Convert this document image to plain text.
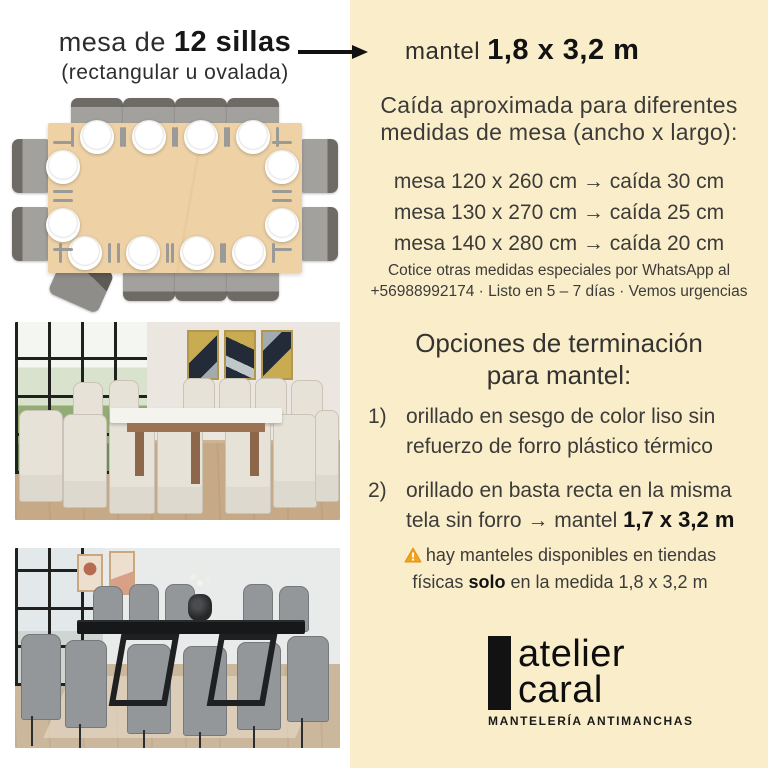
mesa de 12 sillas
(rectangular u ovalada)
mantel 1,8 x 3,2 m
Caída aproximada para diferentes
medidas de mesa (ancho x largo):
mesa 120 x 260 cm → caída 30 cm
mesa 130 x 270 cm → caída 25 cm
mesa 140 x 280 cm → caída 20 cm
Cotice otras medidas especiales por WhatsApp al
+56988992174 · Listo en 5 – 7 días · Vemos urgencias
Opciones de terminación
para mantel:
1) orillado en sesgo de color liso sin refuerzo de forro plástico térmico
2) orillado en basta recta en la misma tela sin forro → mantel 1,7 x 3,2 m
hay manteles disponibles en tiendas
físicas solo en la medida 1,8 x 3,2 m
atelier
caral
MANTELERÍA ANTIMANCHAS
